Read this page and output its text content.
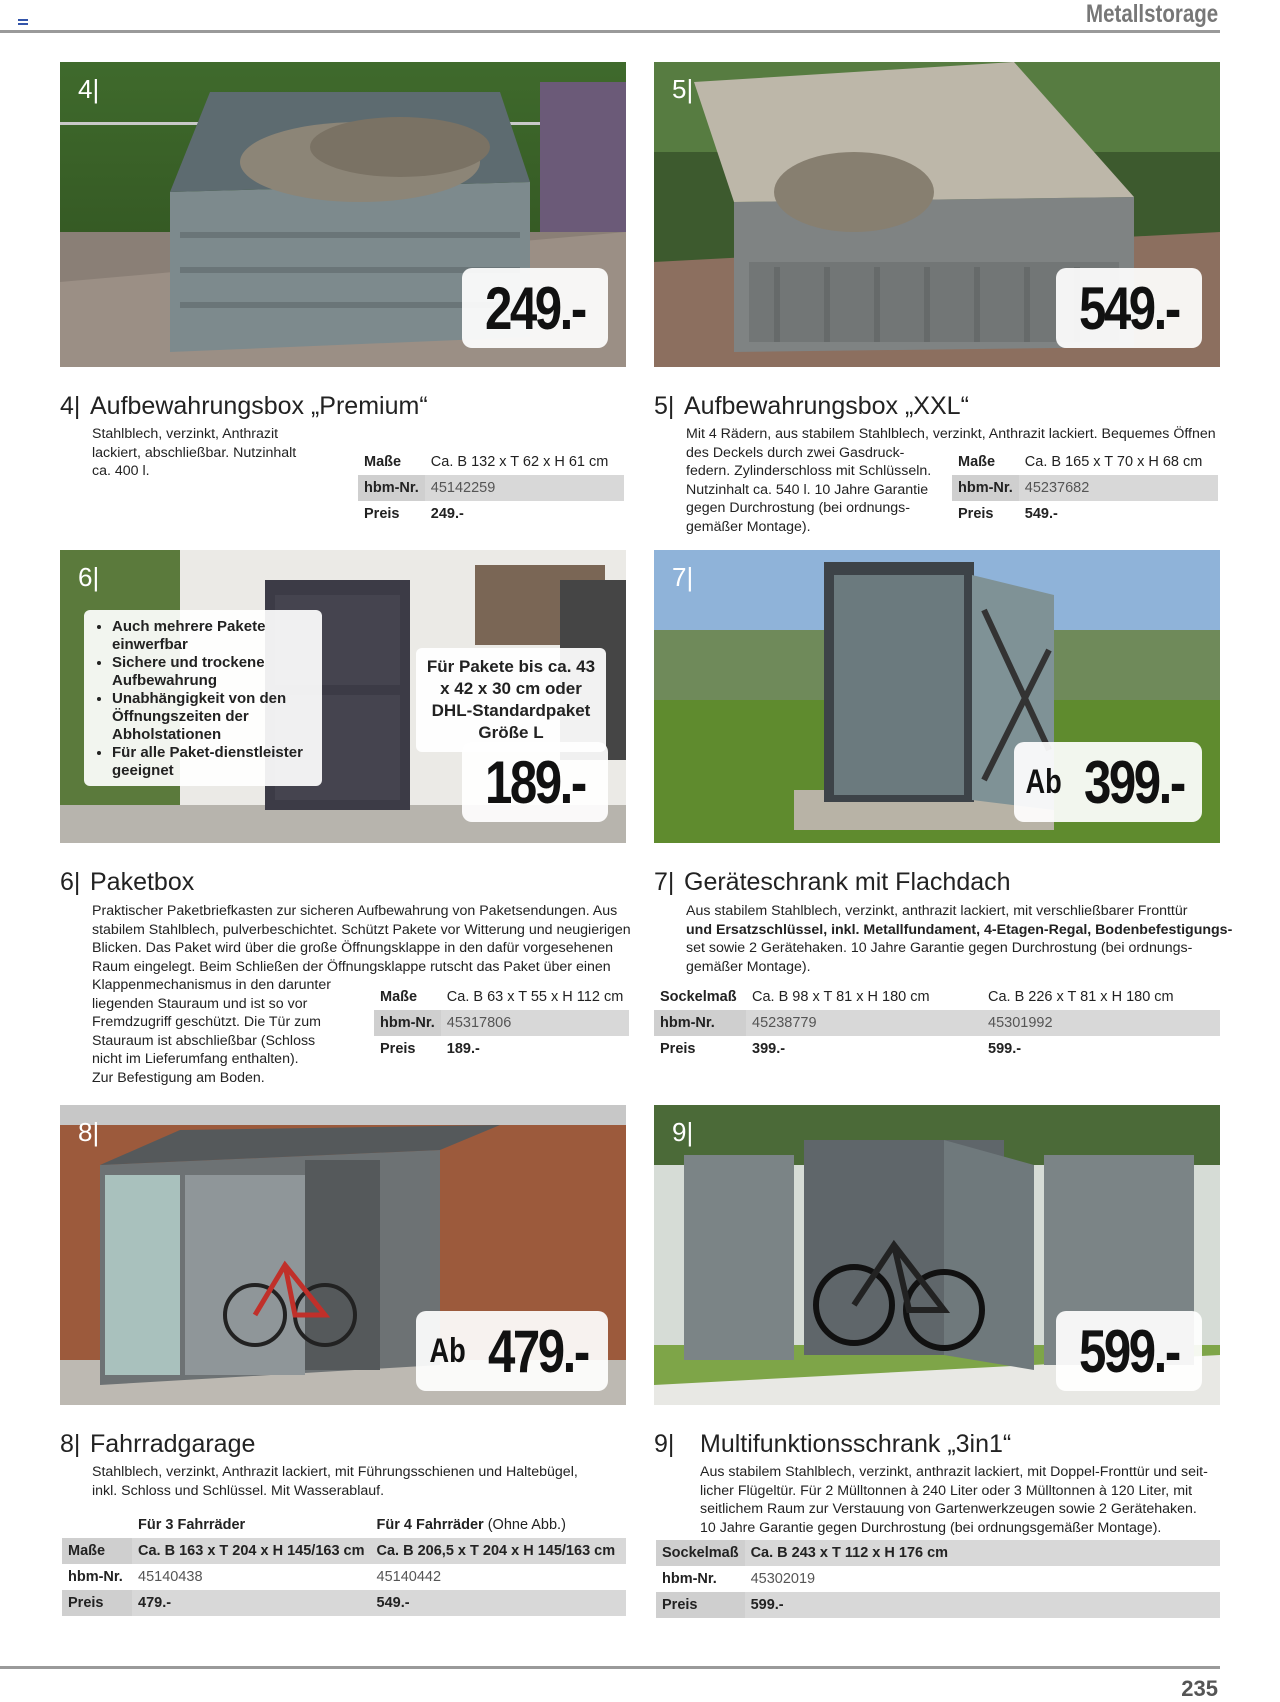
Metallstorage
4|
249.-
4| Aufbewahrungsbox „Premium“
Stahlblech, verzinkt, Anthrazit lackiert, abschließbar. Nutzinhalt ca. 400 l.
Maße	Ca. B 132 x T 62 x H 61 cm
hbm-Nr.	45142259
Preis	249.-
5|
549.-
5| Aufbewahrungsbox „XXL“
Mit 4 Rädern, aus stabilem Stahlblech, verzinkt, Anthrazit lackiert. Bequemes Öffnen
des Deckels durch zwei Gasdruck-
federn. Zylinderschloss mit Schlüsseln.
Nutzinhalt ca. 540 l. 10 Jahre Garantie
gegen Durchrostung (bei ordnungs-
gemäßer Montage).
Maße	Ca. B 165 x T 70 x H 68 cm
hbm-Nr.	45237682
Preis	549.-
6|
• Auch mehrere Pakete einwerfbar
• Sichere und trockene Aufbewahrung
• Unabhängigkeit von den Öffnungszeiten der Abholstationen
• Für alle Paket-dienstleister geeignet
Für Pakete bis ca. 43 x 42 x 30 cm oder DHL-Standardpaket Größe L
189.-
6| Paketbox
Praktischer Paketbriefkasten zur sicheren Aufbewahrung von Paketsendungen. Aus
stabilem Stahlblech, pulverbeschichtet. Schützt Pakete vor Witterung und neugierigen
Blicken. Das Paket wird über die große Öffnungsklappe in den dafür vorgesehenen
Raum eingelegt. Beim Schließen der Öffnungsklappe rutscht das Paket über einen
Klappenmechanismus in den darunter
liegenden Stauraum und ist so vor
Fremdzugriff geschützt. Die Tür zum
Stauraum ist abschließbar (Schloss
nicht im Lieferumfang enthalten).
Zur Befestigung am Boden.
Maße	Ca. B 63 x T 55 x H 112 cm
hbm-Nr.	45317806
Preis	189.-
7|
Ab 399.-
7| Geräteschrank mit Flachdach
Aus stabilem Stahlblech, verzinkt, anthrazit lackiert, mit verschließbarer Fronttür
und Ersatzschlüssel, inkl. Metallfundament, 4-Etagen-Regal, Bodenbefestigungs-
set sowie 2 Gerätehaken. 10 Jahre Garantie gegen Durchrostung (bei ordnungs-
gemäßer Montage).
Sockelmaß	Ca. B 98 x T 81 x H 180 cm	Ca. B 226 x T 81 x H 180 cm
hbm-Nr.	45238779	45301992
Preis	399.-	599.-
8|
Ab 479.-
8| Fahrradgarage
Stahlblech, verzinkt, Anthrazit lackiert, mit Führungsschienen und Haltebügel,
inkl. Schloss und Schlüssel. Mit Wasserablauf.
	Für 3 Fahrräder	Für 4 Fahrräder (Ohne Abb.)
Maße	Ca. B 163 x T 204 x H 145/163 cm	Ca. B 206,5 x T 204 x H 145/163 cm
hbm-Nr.	45140438	45140442
Preis	479.-	549.-
9|
599.-
9| Multifunktionsschrank „3in1“
Aus stabilem Stahlblech, verzinkt, anthrazit lackiert, mit Doppel-Fronttür und seit-
licher Flügeltür. Für 2 Mülltonnen à 240 Liter oder 3 Mülltonnen à 120 Liter, mit
seitlichem Raum zur Verstauung von Gartenwerkzeugen sowie 2 Gerätehaken.
10 Jahre Garantie gegen Durchrostung (bei ordnungsgemäßer Montage).
Sockelmaß	Ca. B 243 x T 112 x H 176 cm
hbm-Nr.	45302019
Preis	599.-
235
